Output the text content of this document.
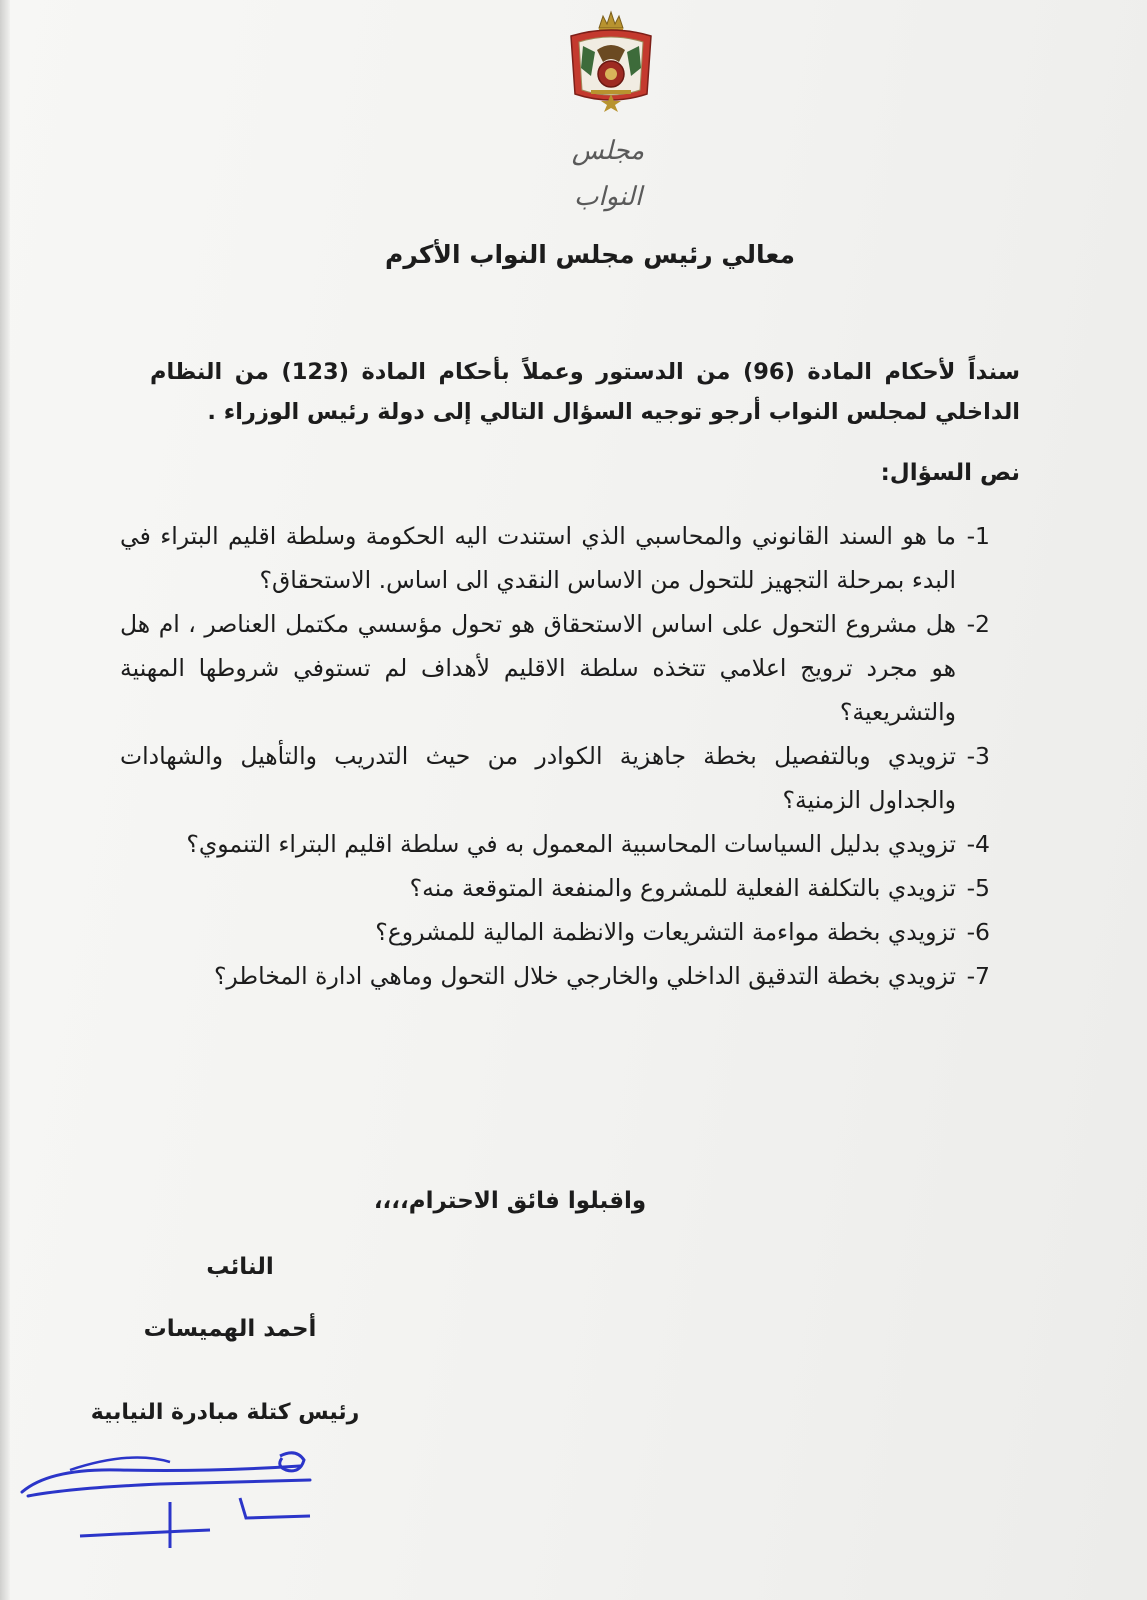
مجلس النواب
معالي رئيس مجلس النواب الأكرم
سنداً لأحكام المادة (96) من الدستور وعملاً بأحكام المادة (123) من النظام الداخلي لمجلس النواب أرجو توجيه السؤال التالي إلى دولة رئيس الوزراء .
نص السؤال:
1-
ما هو السند القانوني والمحاسبي الذي استندت اليه الحكومة وسلطة اقليم البتراء في البدء بمرحلة التجهيز للتحول من الاساس النقدي الى اساس. الاستحقاق؟
2-
هل مشروع التحول على اساس الاستحقاق هو تحول مؤسسي مكتمل العناصر ، ام هل هو مجرد ترويج اعلامي تتخذه سلطة الاقليم لأهداف لم تستوفي شروطها المهنية والتشريعية؟
3-
تزويدي وبالتفصيل بخطة جاهزية الكوادر من حيث التدريب والتأهيل والشهادات والجداول الزمنية؟
4-
تزويدي بدليل السياسات المحاسبية المعمول به في سلطة اقليم البتراء التنموي؟
5-
تزويدي بالتكلفة الفعلية للمشروع والمنفعة المتوقعة منه؟
6-
تزويدي بخطة مواءمة التشريعات والانظمة المالية للمشروع؟
7-
تزويدي بخطة التدقيق الداخلي والخارجي خلال التحول وماهي ادارة المخاطر؟
واقبلوا فائق الاحترام،،،،
النائب
أحمد الهميسات
رئيس كتلة مبادرة النيابية
